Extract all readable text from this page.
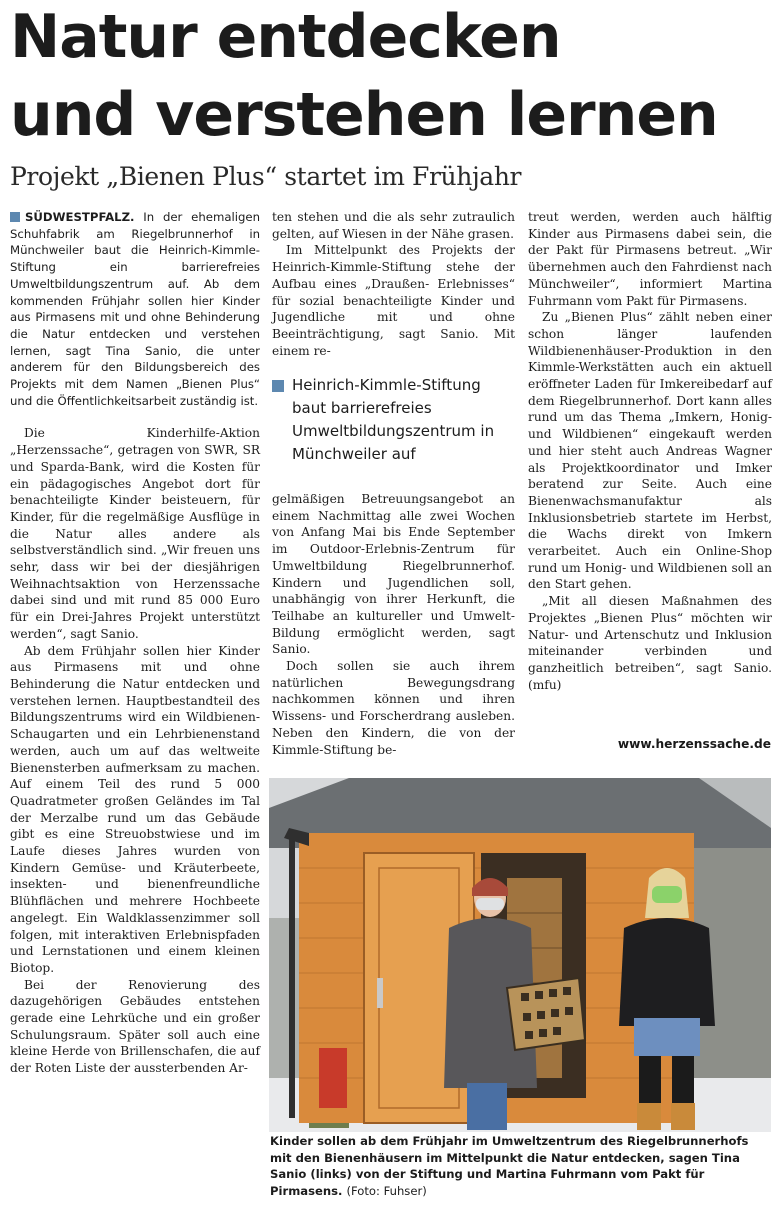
Natur entdecken
und verstehen lernen
Projekt „Bienen Plus“ startet im Frühjahr

SÜDWESTPFALZ. In der ehemaligen Schuhfabrik am Riegelbrunnerhof in Münchweiler baut die Heinrich-Kimmle-Stiftung ein barrierefreies Umweltbildungszentrum auf. Ab dem kommenden Frühjahr sollen hier Kinder aus Pirmasens mit und ohne Behinderung die Natur entdecken und verstehen lernen, sagt Tina Sanio, die unter anderem für den Bildungsbereich des Projekts mit dem Namen „Bienen Plus“ und die Öffentlichkeitsarbeit zuständig ist.

Die Kinderhilfe-Aktion „Herzenssache“, getragen von SWR, SR und Sparda-Bank, wird die Kosten für ein pädagogisches Angebot dort für benachteiligte Kinder beisteuern, für Kinder, für die regelmäßige Ausflüge in die Natur alles andere als selbstverständlich sind. „Wir freuen uns sehr, dass wir bei der diesjährigen Weihnachtsaktion von Herzenssache dabei sind und mit rund 85 000 Euro für ein Drei-Jahres Projekt unterstützt werden“, sagt Sanio.

Ab dem Frühjahr sollen hier Kinder aus Pirmasens mit und ohne Behinderung die Natur entdecken und verstehen lernen. Hauptbestandteil des Bildungszentrums wird ein Wildbienen-Schaugarten und ein Lehrbienenstand werden, auch um auf das weltweite Bienensterben aufmerksam zu machen. Auf einem Teil des rund 5 000 Quadratmeter großen Geländes im Tal der Merzalbe rund um das Gebäude gibt es eine Streuobstwiese und im Laufe dieses Jahres wurden von Kindern Gemüse- und Kräuterbeete, insekten- und bienenfreundliche Blühflächen und mehrere Hochbeete angelegt. Ein Waldklassenzimmer soll folgen, mit interaktiven Erlebnispfaden und Lernstationen und einem kleinen Biotop.

Bei der Renovierung des dazugehörigen Gebäudes entstehen gerade eine Lehrküche und ein großer Schulungsraum. Später soll auch eine kleine Herde von Brillenschafen, die auf der Roten Liste der aussterbenden Ar-

ten stehen und die als sehr zutraulich gelten, auf Wiesen in der Nähe grasen.

Im Mittelpunkt des Projekts der Heinrich-Kimmle-Stiftung stehe der Aufbau eines „Draußen- Erlebnisses“ für sozial benachteiligte Kinder und Jugendliche mit und ohne Beeinträchtigung, sagt Sanio. Mit einem re-

Heinrich-Kimmle-Stiftung baut barrierefreies Umweltbildungszentrum in Münchweiler auf

gelmäßigen Betreuungsangebot an einem Nachmittag alle zwei Wochen von Anfang Mai bis Ende September im Outdoor-Erlebnis-Zentrum für Umweltbildung Riegelbrunnerhof. Kindern und Jugendlichen soll, unabhängig von ihrer Herkunft, die Teilhabe an kultureller und Umwelt-Bildung ermöglicht werden, sagt Sanio.

Doch sollen sie auch ihrem natürlichen Bewegungsdrang nachkommen können und ihren Wissens- und Forscherdrang ausleben. Neben den Kindern, die von der Kimmle-Stiftung be-

treut werden, werden auch hälftig Kinder aus Pirmasens dabei sein, die der Pakt für Pirmasens betreut. „Wir übernehmen auch den Fahrdienst nach Münchweiler“, informiert Martina Fuhrmann vom Pakt für Pirmasens.

Zu „Bienen Plus“ zählt neben einer schon länger laufenden Wildbienenhäuser-Produktion in den Kimmle-Werkstätten auch ein aktuell eröffneter Laden für Imkereibedarf auf dem Riegelbrunnerhof. Dort kann alles rund um das Thema „Imkern, Honig- und Wildbienen“ eingekauft werden und hier steht auch Andreas Wagner als Projektkoordinator und Imker beratend zur Seite. Auch eine Bienenwachsmanufaktur als Inklusionsbetrieb startete im Herbst, die Wachs direkt von Imkern verarbeitet. Auch ein Online-Shop rund um Honig- und Wildbienen soll an den Start gehen.

„Mit all diesen Maßnahmen des Projektes „Bienen Plus“ möchten wir Natur- und Artenschutz und Inklusion miteinander verbinden und ganzheitlich betreiben“, sagt Sanio. (mfu)

www.herzenssache.de
Kinder sollen ab dem Frühjahr im Umweltzentrum des Riegelbrunnerhofs mit den Bienenhäusern im Mittelpunkt die Natur entdecken, sagen Tina Sanio (links) von der Stiftung und Martina Fuhrmann vom Pakt für Pirmasens. (Foto: Fuhser)
